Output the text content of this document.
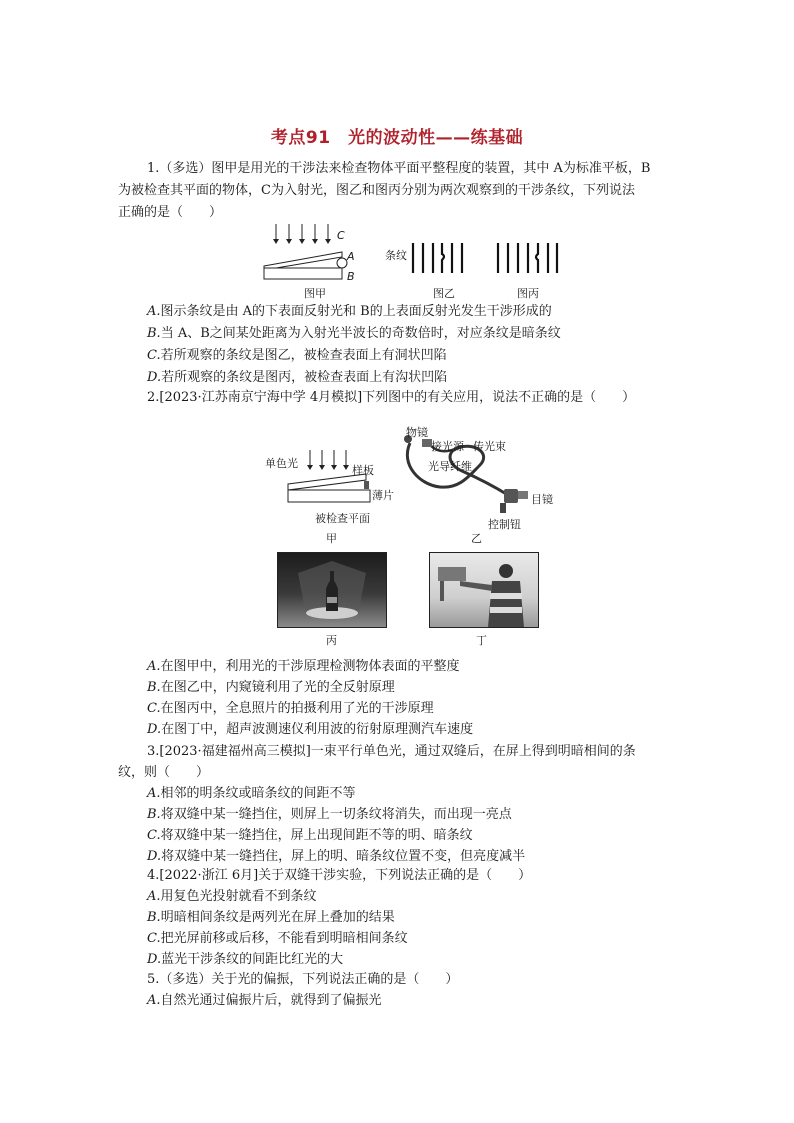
考点91　光的波动性——练基础
1.（多选）图甲是用光的干涉法来检查物体平面平整程度的装置，其中 A为标准平板，B
为被检查其平面的物体，C为入射光，图乙和图丙分别为两次观察到的干涉条纹，下列说法
正确的是（　　）
C
A
B
图甲
条纹
图乙	图丙
A.图示条纹是由 A的下表面反射光和 B的上表面反射光发生干涉形成的
B.当 A、B之间某处距离为入射光半波长的奇数倍时，对应条纹是暗条纹
C.若所观察的条纹是图乙，被检查表面上有洞状凹陷
D.若所观察的条纹是图丙，被检查表面上有沟状凹陷
2.[2023·江苏南京宁海中学 4月模拟]下列图中的有关应用，说法不正确的是（　　）
单色光
样板
薄片
被检查平面
甲
物镜
接光源 传光束
光导纤维
目镜
控制钮
乙
丙	丁
A.在图甲中，利用光的干涉原理检测物体表面的平整度
B.在图乙中，内窥镜利用了光的全反射原理
C.在图丙中，全息照片的拍摄利用了光的干涉原理
D.在图丁中，超声波测速仪利用波的衍射原理测汽车速度
3.[2023·福建福州高三模拟]一束平行单色光，通过双缝后，在屏上得到明暗相间的条
纹，则（　　）
A.相邻的明条纹或暗条纹的间距不等
B.将双缝中某一缝挡住，则屏上一切条纹将消失，而出现一亮点
C.将双缝中某一缝挡住，屏上出现间距不等的明、暗条纹
D.将双缝中某一缝挡住，屏上的明、暗条纹位置不变，但亮度减半
4.[2022·浙江 6月]关于双缝干涉实验，下列说法正确的是（　　）
A.用复色光投射就看不到条纹
B.明暗相间条纹是两列光在屏上叠加的结果
C.把光屏前移或后移，不能看到明暗相间条纹
D.蓝光干涉条纹的间距比红光的大
5.（多选）关于光的偏振，下列说法正确的是（　　）
A.自然光通过偏振片后，就得到了偏振光
